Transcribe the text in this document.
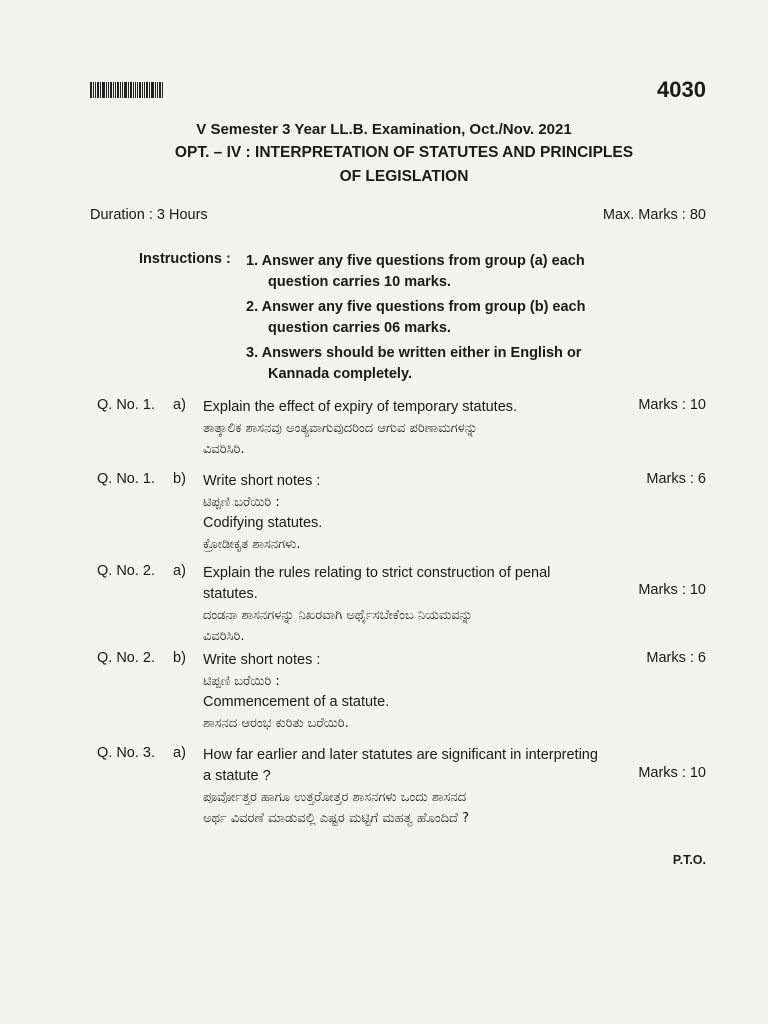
4030
V Semester 3 Year LL.B. Examination, Oct./Nov. 2021
OPT. – IV : INTERPRETATION OF STATUTES AND PRINCIPLES
OF LEGISLATION
Duration : 3 Hours	Max. Marks : 80
Instructions : 1. Answer any five questions from group (a) each
question carries 10 marks.
2. Answer any five questions from group (b) each
question carries 06 marks.
3. Answers should be written either in English or
Kannada completely.
Q. No. 1. a) Explain the effect of expiry of temporary statutes.
ತಾತ್ಕಾಲಿಕ ಶಾಸನವು ಅಂತ್ಯವಾಗುವುದರಿಂದ ಆಗುವ ಪರಿಣಾಮಗಳನ್ನು
ವಿವರಿಸಿರಿ.
Marks : 10
Q. No. 1. b) Write short notes :
ಟಿಪ್ಪಣಿ ಬರೆಯಿರಿ :
Codifying statutes.
ಕ್ರೋಡೀಕೃತ ಶಾಸನಗಳು.
Marks : 6
Q. No. 2. a) Explain the rules relating to strict construction of penal
statutes.
ದಂಡನಾ ಶಾಸನಗಳನ್ನು ನಿಖರವಾಗಿ ಅರ್ಥೈಸಬೇಕೆಂಬ ನಿಯಮವನ್ನು
ವಿವರಿಸಿರಿ.
Marks : 10
Q. No. 2. b) Write short notes :
ಟಿಪ್ಪಣಿ ಬರೆಯಿರಿ :
Commencement of a statute.
ಶಾಸನದ ಆರಂಭ ಕುರಿತು ಬರೆಯಿರಿ.
Marks : 6
Q. No. 3. a) How far earlier and later statutes are significant in interpreting
a statute ?
ಪೂರ್ವೋತ್ತರ ಹಾಗೂ ಉತ್ತರೋತ್ತರ ಶಾಸನಗಳು ಒಂದು ಶಾಸನದ
ಅರ್ಥ ವಿವರಣೆ ಮಾಡುವಲ್ಲಿ ಎಷ್ಟರ ಮಟ್ಟಿಗೆ ಮಹತ್ವ ಹೊಂದಿದೆ ?
Marks : 10
P.T.O.
